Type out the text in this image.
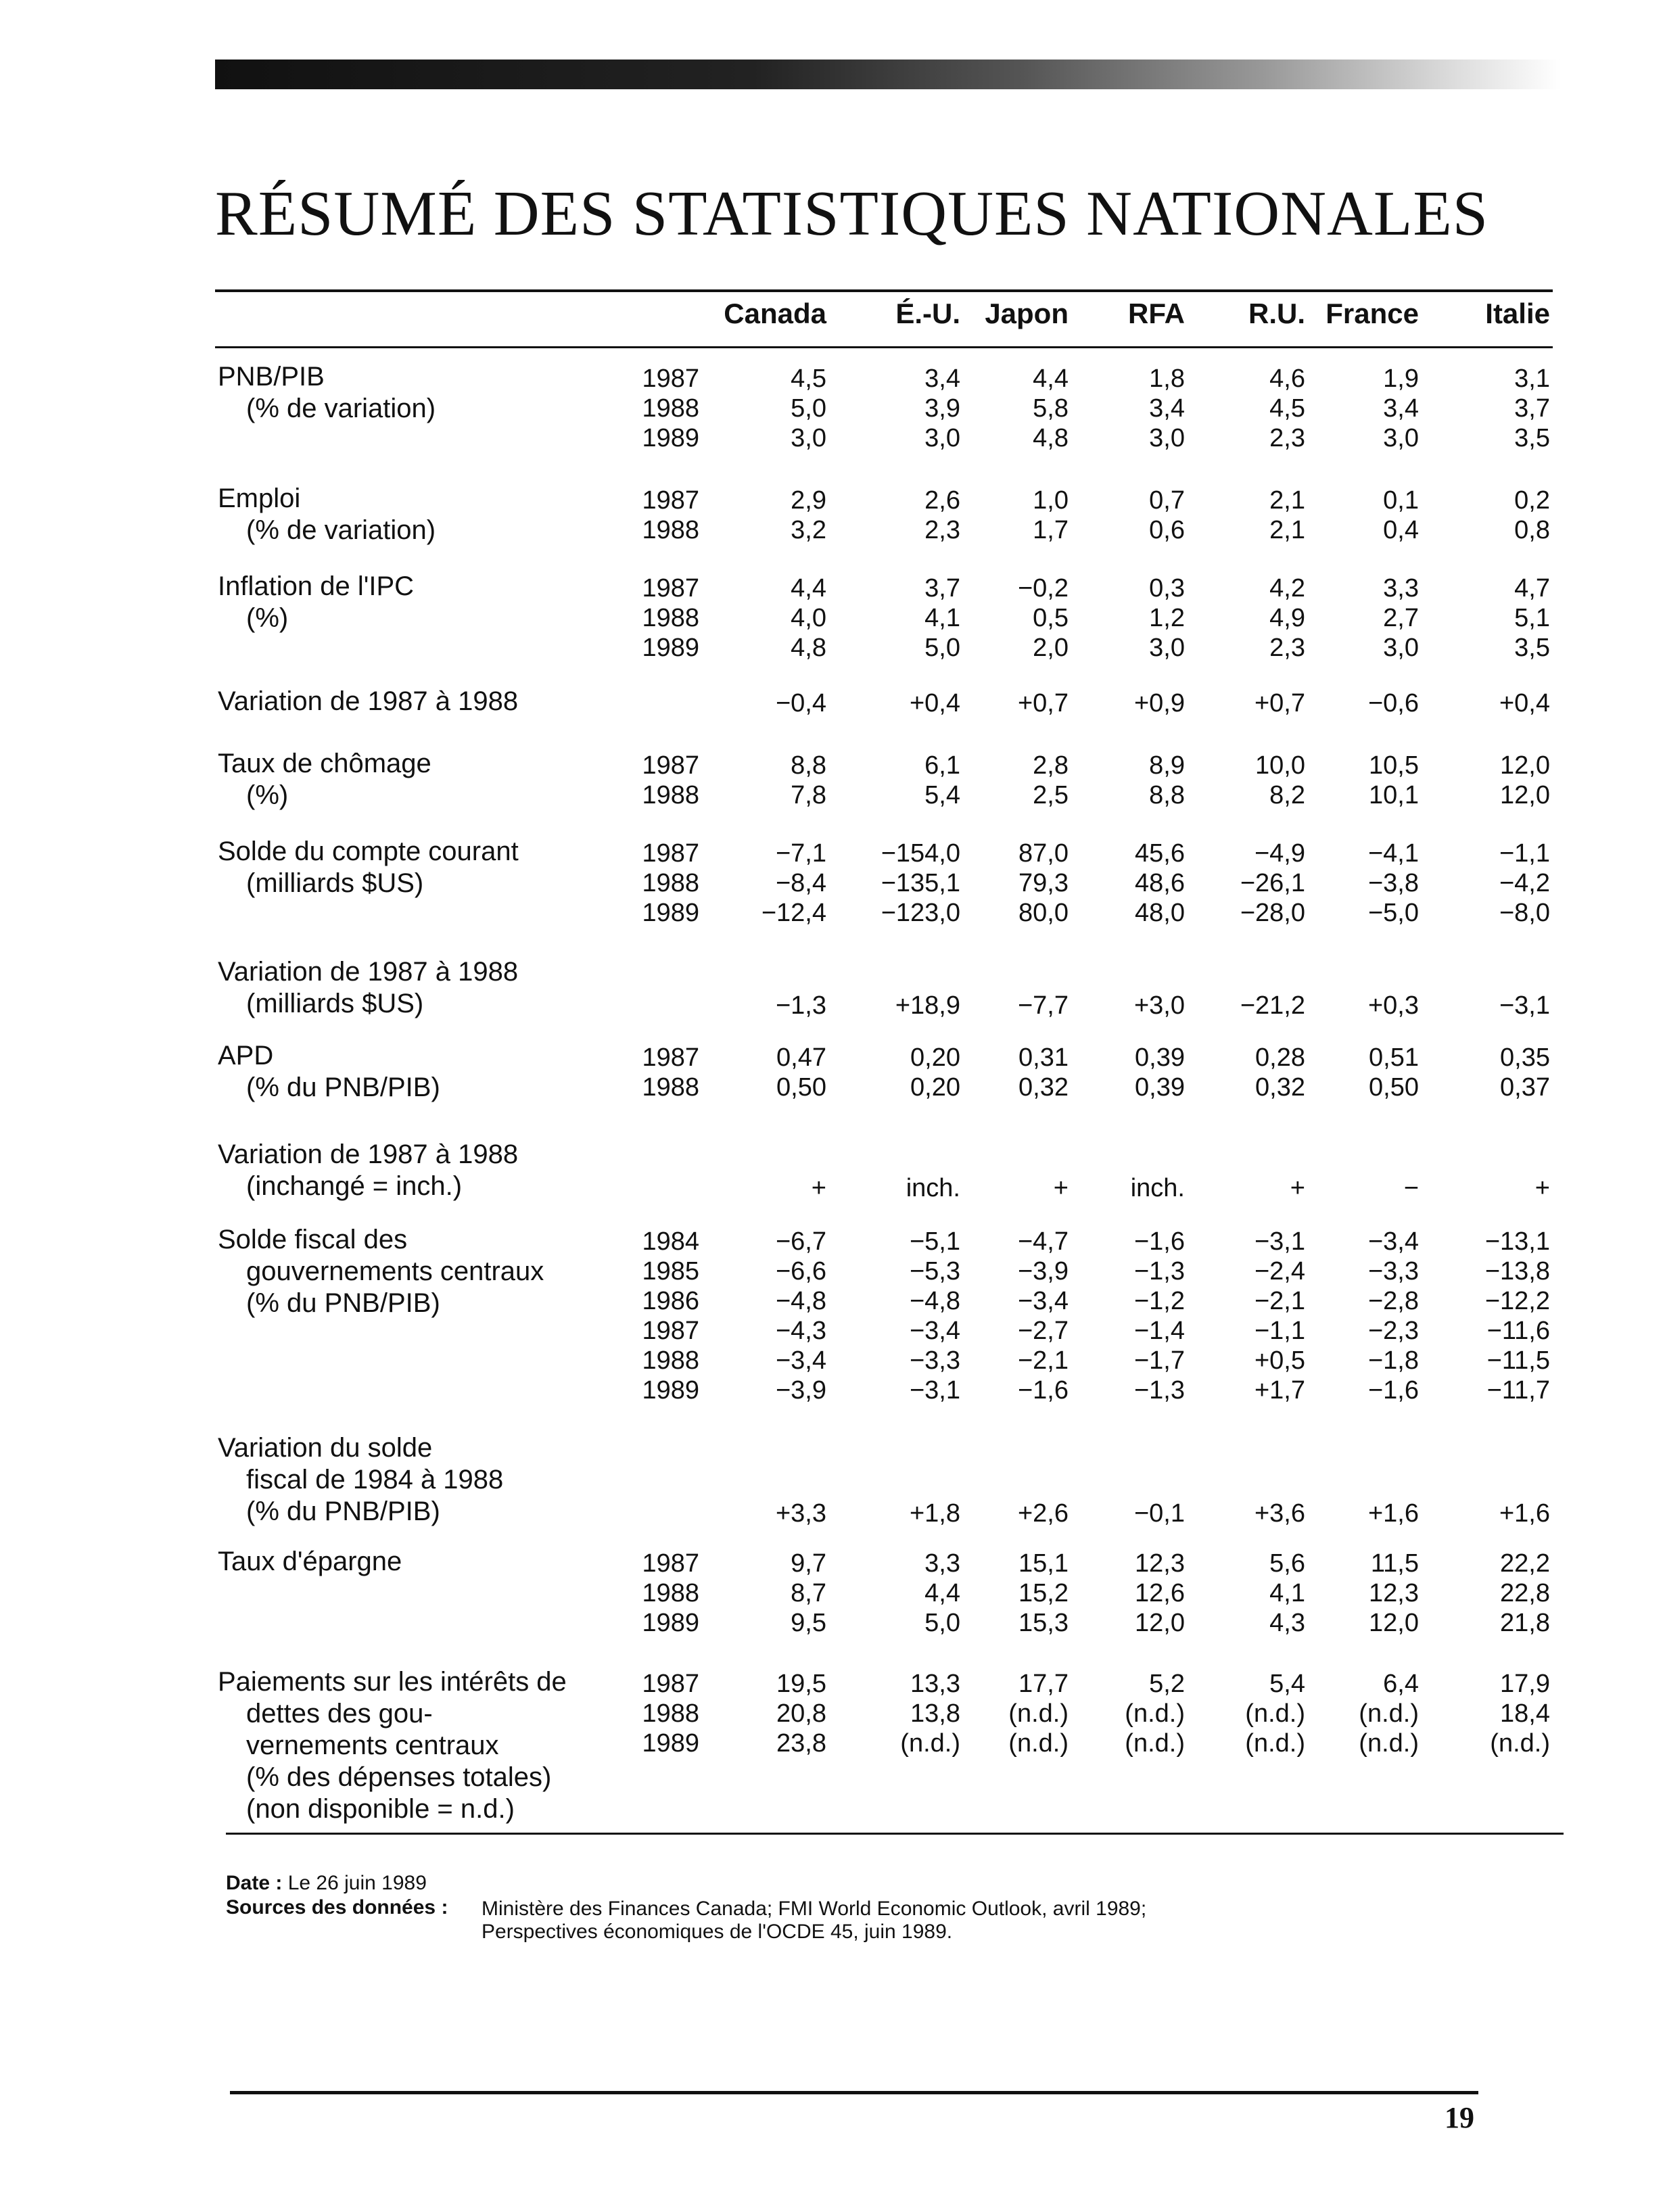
RÉSUMÉ DES STATISTIQUES NATIONALES
Canada É.-U. Japon RFA R.U. France Italie
PNB/PIB
(% de variation)
1987	4,5	3,4	4,4	1,8	4,6	1,9	3,1
1988	5,0	3,9	5,8	3,4	4,5	3,4	3,7
1989	3,0	3,0	4,8	3,0	2,3	3,0	3,5
Emploi
(% de variation)
1987	2,9	2,6	1,0	0,7	2,1	0,1	0,2
1988	3,2	2,3	1,7	0,6	2,1	0,4	0,8
Inflation de l'IPC
(%)
1987	4,4	3,7 −0,2	0,3	4,2	3,3	4,7
1988	4,0	4,1	0,5	1,2	4,9	2,7	5,1
1989	4,8	5,0	2,0	3,0	2,3	3,0	3,5
Variation de 1987 à 1988	−0,4	+0,4 +0,7	+0,9	+0,7 −0,6	+0,4
Taux de chômage
(%)
1987	8,8	6,1	2,8	8,9	10,0 10,5	12,0
1988	7,8	5,4	2,5	8,8	8,2 10,1	12,0
Solde du compte courant
(milliards $US)
1987	−7,1 −154,0 87,0	45,6	−4,9 −4,1	−1,1
1988	−8,4 −135,1 79,3	48,6 −26,1 −3,8	−4,2
1989 −12,4 −123,0 80,0	48,0 −28,0 −5,0	−8,0
Variation de 1987 à 1988
(milliards $US)	−1,3	+18,9 −7,7	+3,0 −21,2 +0,3	−3,1
APD
(% du PNB/PIB)
1987	0,47	0,20 0,31	0,39	0,28 0,51	0,35
1988	0,50	0,20 0,32	0,39	0,32 0,50	0,37
Variation de 1987 à 1988
(inchangé = inch.)	+	inch.	+ inch.	+	−	+
Solde fiscal des
gouvernements centraux
(% du PNB/PIB)
1984	−6,7	−5,1 −4,7	−1,6	−3,1 −3,4	−13,1
1985	−6,6	−5,3 −3,9	−1,3	−2,4 −3,3	−13,8
1986	−4,8	−4,8 −3,4	−1,2	−2,1 −2,8	−12,2
1987	−4,3	−3,4 −2,7	−1,4	−1,1 −2,3	−11,6
1988	−3,4	−3,3 −2,1	−1,7	+0,5 −1,8	−11,5
1989	−3,9	−3,1 −1,6	−1,3	+1,7 −1,6	−11,7
Variation du solde
fiscal de 1984 à 1988
(% du PNB/PIB)	+3,3	+1,8 +2,6	−0,1	+3,6 +1,6	+1,6
Taux d'épargne	1987	9,7	3,3 15,1	12,3	5,6	11,5	22,2
1988	8,7	4,4 15,2	12,6	4,1 12,3	22,8
1989	9,5	5,0 15,3	12,0	4,3 12,0	21,8
Paiements sur les intérêts de
dettes des gou-
vernements centraux
(% des dépenses totales)
(non disponible = n.d.)
1987	19,5	13,3 17,7	5,2	5,4	6,4	17,9
1988	20,8	13,8 (n.d.) (n.d.) (n.d.) (n.d.)	18,4
1989	23,8	(n.d.) (n.d.) (n.d.) (n.d.) (n.d.)	(n.d.)
Date : Le 26 juin 1989
Sources des données : Ministère des Finances Canada; FMI World Economic Outlook, avril 1989;
Perspectives économiques de l'OCDE 45, juin 1989.
19
